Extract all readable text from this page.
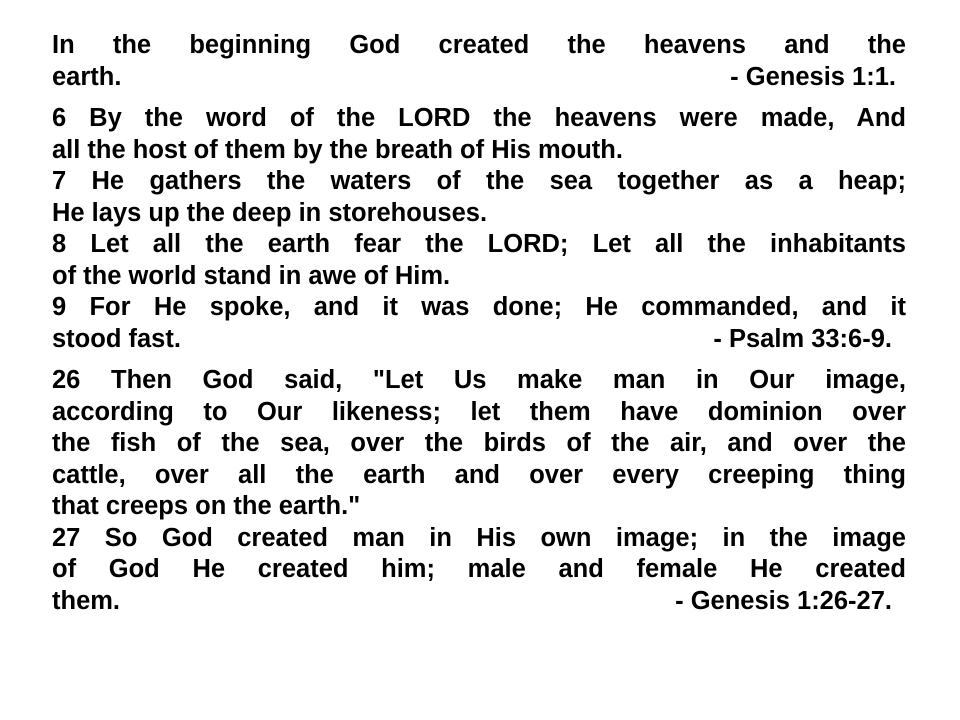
In the beginning God created the heavens and the
earth.	- Genesis 1:1.

6 By the word of the LORD the heavens were made, And
all the host of them by the breath of His mouth.
7 He gathers the waters of the sea together as a heap;
He lays up the deep in storehouses.
8 Let all the earth fear the LORD; Let all the inhabitants
of the world stand in awe of Him.
9 For He spoke, and it was done; He commanded, and it
stood fast.	- Psalm 33:6-9.

26 Then God said, "Let Us make man in Our image,
according to Our likeness; let them have dominion over
the fish of the sea, over the birds of the air, and over the
cattle, over all the earth and over every creeping thing
that creeps on the earth."
27 So God created man in His own image; in the image
of God He created him; male and female He created
them.	- Genesis 1:26-27.
